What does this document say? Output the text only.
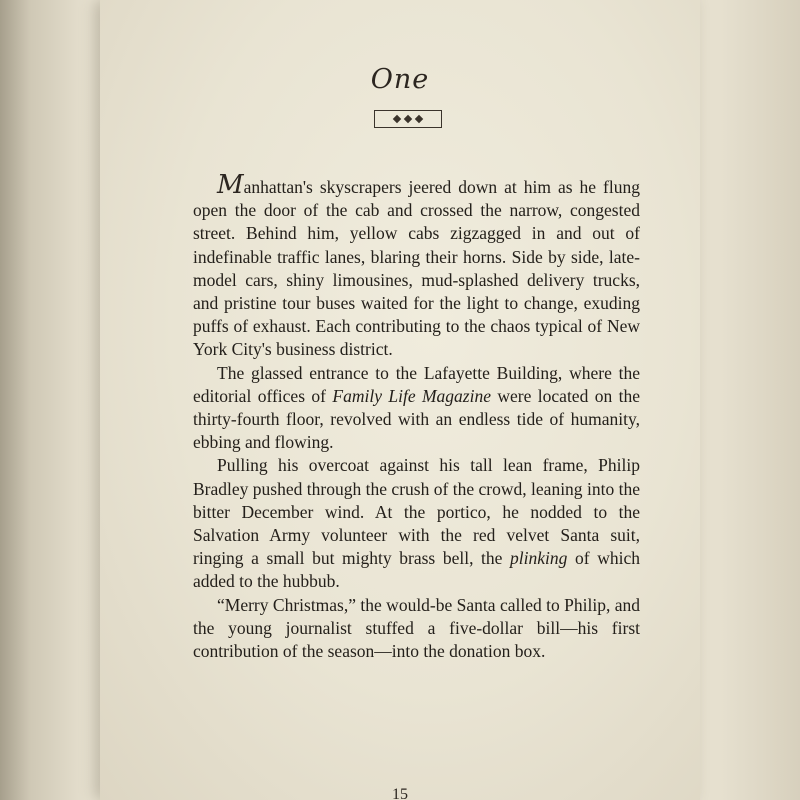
One

Manhattan's skyscrapers jeered down at him as he flung open the door of the cab and crossed the narrow, congested street. Behind him, yellow cabs zigzagged in and out of indefinable traffic lanes, blaring their horns. Side by side, late-model cars, shiny limousines, mud-splashed delivery trucks, and pristine tour buses waited for the light to change, exuding puffs of exhaust. Each contributing to the chaos typical of New York City's business district.

The glassed entrance to the Lafayette Building, where the editorial offices of Family Life Magazine were located on the thirty-fourth floor, revolved with an endless tide of humanity, ebbing and flowing.

Pulling his overcoat against his tall lean frame, Philip Bradley pushed through the crush of the crowd, leaning into the bitter December wind. At the portico, he nodded to the Salvation Army volunteer with the red velvet Santa suit, ringing a small but mighty brass bell, the plinking of which added to the hubbub.

“Merry Christmas,” the would-be Santa called to Philip, and the young journalist stuffed a five-dollar bill—his first contribution of the season—into the donation box.

15
